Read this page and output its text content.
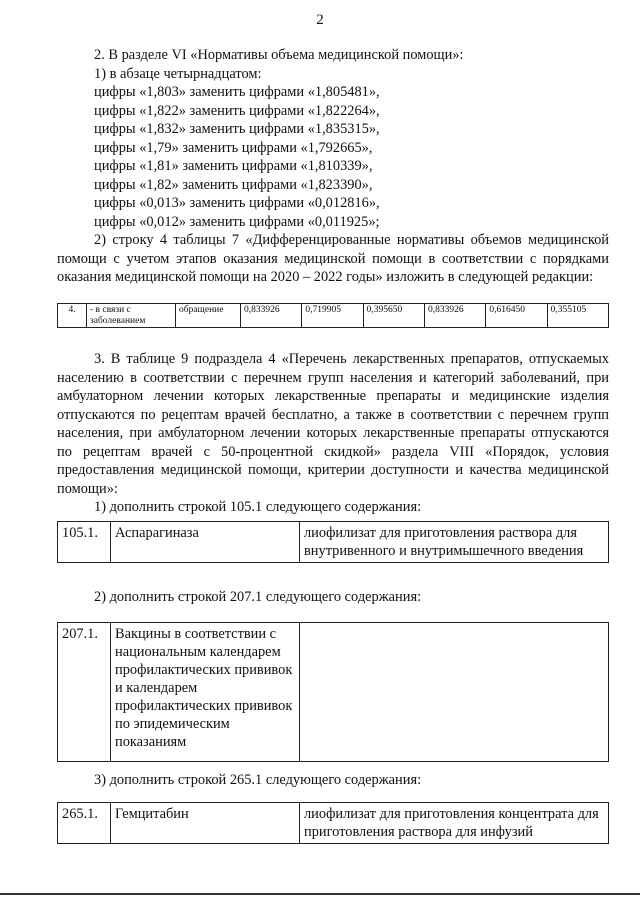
2

2. В разделе VI «Нормативы объема медицинской помощи»:

1) в абзаце четырнадцатом:

цифры «1,803» заменить цифрами «1,805481»,

цифры «1,822» заменить цифрами «1,822264»,

цифры «1,832» заменить цифрами «1,835315»,

цифры «1,79» заменить цифрами «1,792665»,

цифры «1,81» заменить цифрами «1,810339»,

цифры «1,82» заменить цифрами «1,823390»,

цифры «0,013» заменить цифрами «0,012816»,

цифры «0,012» заменить цифрами «0,011925»;

2) строку 4 таблицы 7 «Дифференцированные нормативы объемов медицинской помощи с учетом этапов оказания медицинской помощи в соответствии с порядками оказания медицинской помощи на 2020 – 2022 годы» изложить в следующей редакции:

4.	- в связи с заболеванием	обращение	0,833926	0,719905	0,395650	0,833926	0,616450	0,355105

3. В таблице 9 подраздела 4 «Перечень лекарственных препаратов, отпускаемых населению в соответствии с перечнем групп населения и категорий заболеваний, при амбулаторном лечении которых лекарственные препараты и медицинские изделия отпускаются по рецептам врачей бесплатно, а также в соответствии с перечнем групп населения, при амбулаторном лечении которых лекарственные препараты отпускаются по рецептам врачей с 50-процентной скидкой» раздела VIII «Порядок, условия предоставления медицинской помощи, критерии доступности и качества медицинской помощи»:

1) дополнить строкой 105.1 следующего содержания:

105.1.	Аспарагиназа	лиофилизат для приготовления раствора для внутривенного и внутримышечного введения

2) дополнить строкой 207.1 следующего содержания:

207.1.	Вакцины в соответствии с национальным календарем профилактических прививок и календарем профилактических прививок по эпидемическим показаниям	

3) дополнить строкой 265.1 следующего содержания:

265.1.	Гемцитабин	лиофилизат для приготовления концентрата для приготовления раствора для инфузий
